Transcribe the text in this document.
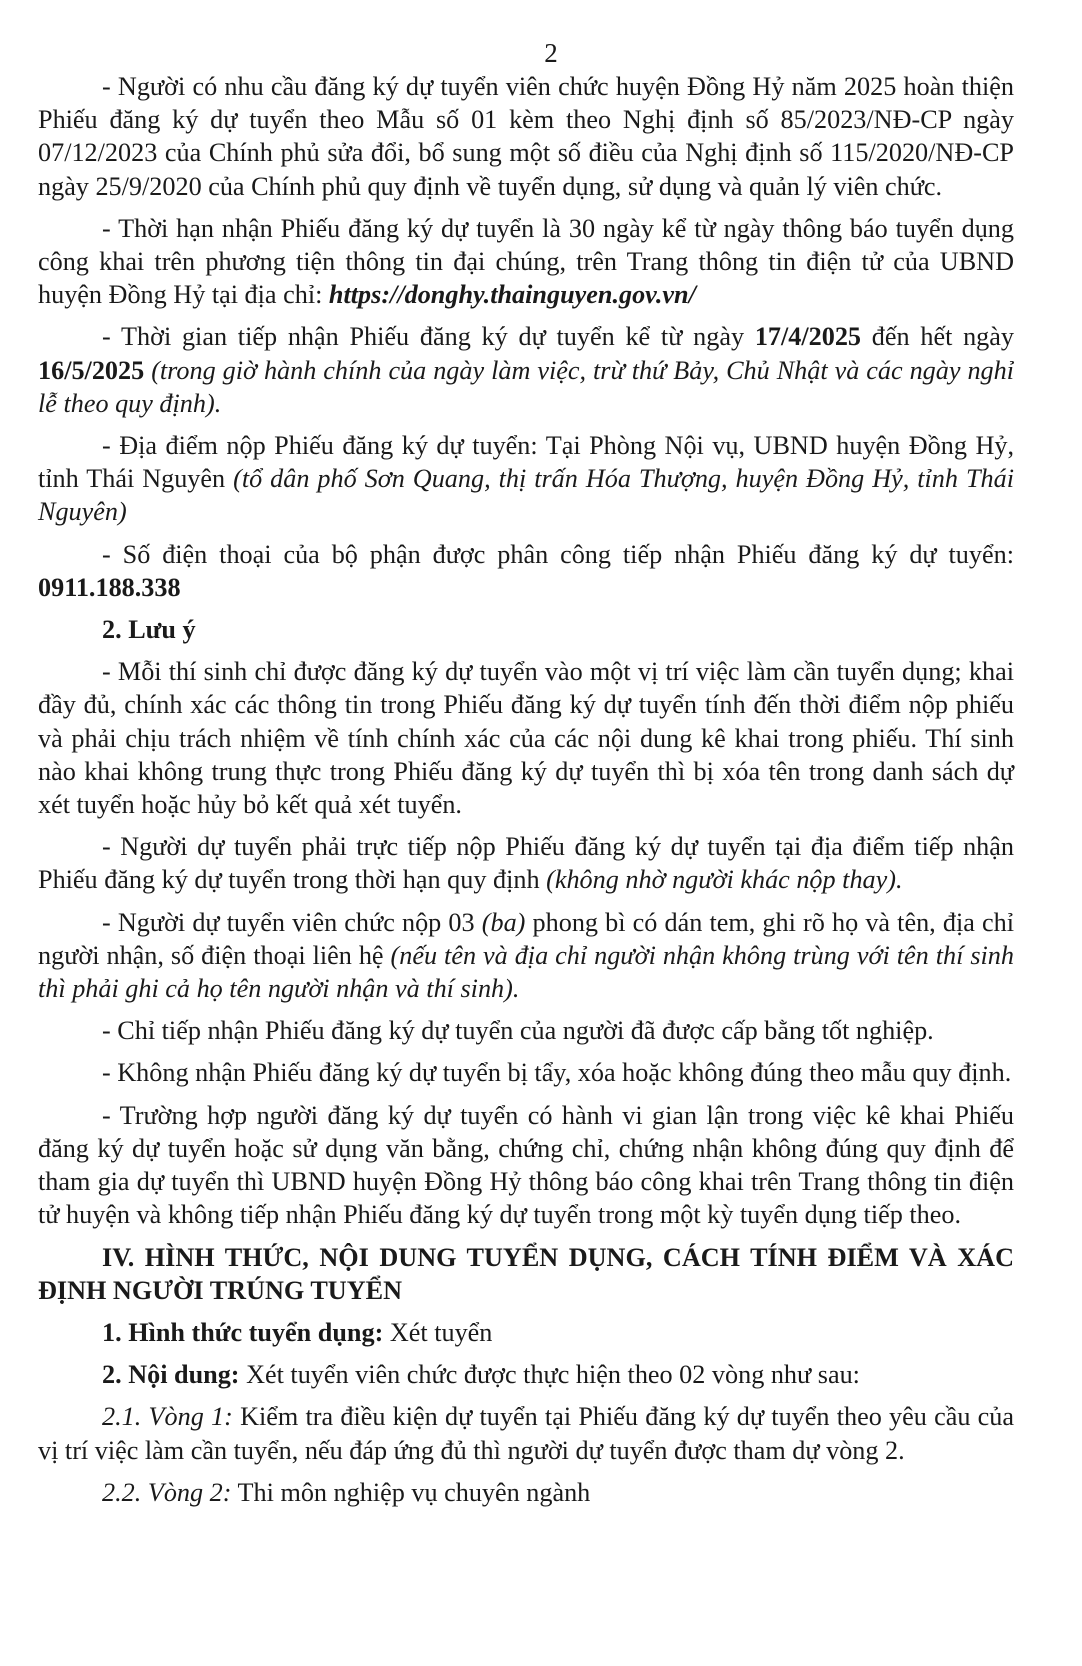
2

- Người có nhu cầu đăng ký dự tuyển viên chức huyện Đồng Hỷ năm 2025 hoàn thiện Phiếu đăng ký dự tuyển theo Mẫu số 01 kèm theo Nghị định số 85/2023/NĐ-CP ngày 07/12/2023 của Chính phủ sửa đổi, bổ sung một số điều của Nghị định số 115/2020/NĐ-CP ngày 25/9/2020 của Chính phủ quy định về tuyển dụng, sử dụng và quản lý viên chức.

- Thời hạn nhận Phiếu đăng ký dự tuyển là 30 ngày kể từ ngày thông báo tuyển dụng công khai trên phương tiện thông tin đại chúng, trên Trang thông tin điện tử của UBND huyện Đồng Hỷ tại địa chỉ: https://donghy.thainguyen.gov.vn/

- Thời gian tiếp nhận Phiếu đăng ký dự tuyển kể từ ngày 17/4/2025 đến hết ngày 16/5/2025 (trong giờ hành chính của ngày làm việc, trừ thứ Bảy, Chủ Nhật và các ngày nghỉ lễ theo quy định).

- Địa điểm nộp Phiếu đăng ký dự tuyển: Tại Phòng Nội vụ, UBND huyện Đồng Hỷ, tỉnh Thái Nguyên (tổ dân phố Sơn Quang, thị trấn Hóa Thượng, huyện Đồng Hỷ, tỉnh Thái Nguyên)

- Số điện thoại của bộ phận được phân công tiếp nhận Phiếu đăng ký dự tuyển: 0911.188.338

2. Lưu ý

- Mỗi thí sinh chỉ được đăng ký dự tuyển vào một vị trí việc làm cần tuyển dụng; khai đầy đủ, chính xác các thông tin trong Phiếu đăng ký dự tuyển tính đến thời điểm nộp phiếu và phải chịu trách nhiệm về tính chính xác của các nội dung kê khai trong phiếu. Thí sinh nào khai không trung thực trong Phiếu đăng ký dự tuyển thì bị xóa tên trong danh sách dự xét tuyển hoặc hủy bỏ kết quả xét tuyển.

- Người dự tuyển phải trực tiếp nộp Phiếu đăng ký dự tuyển tại địa điểm tiếp nhận Phiếu đăng ký dự tuyển trong thời hạn quy định (không nhờ người khác nộp thay).

- Người dự tuyển viên chức nộp 03 (ba) phong bì có dán tem, ghi rõ họ và tên, địa chỉ người nhận, số điện thoại liên hệ (nếu tên và địa chỉ người nhận không trùng với tên thí sinh thì phải ghi cả họ tên người nhận và thí sinh).

- Chỉ tiếp nhận Phiếu đăng ký dự tuyển của người đã được cấp bằng tốt nghiệp.

- Không nhận Phiếu đăng ký dự tuyển bị tẩy, xóa hoặc không đúng theo mẫu quy định.

- Trường hợp người đăng ký dự tuyển có hành vi gian lận trong việc kê khai Phiếu đăng ký dự tuyển hoặc sử dụng văn bằng, chứng chỉ, chứng nhận không đúng quy định để tham gia dự tuyển thì UBND huyện Đồng Hỷ thông báo công khai trên Trang thông tin điện tử huyện và không tiếp nhận Phiếu đăng ký dự tuyển trong một kỳ tuyển dụng tiếp theo.

IV. HÌNH THỨC, NỘI DUNG TUYỂN DỤNG, CÁCH TÍNH ĐIỂM VÀ XÁC ĐỊNH NGƯỜI TRÚNG TUYỂN

1. Hình thức tuyển dụng: Xét tuyển

2. Nội dung: Xét tuyển viên chức được thực hiện theo 02 vòng như sau:

2.1. Vòng 1: Kiểm tra điều kiện dự tuyển tại Phiếu đăng ký dự tuyển theo yêu cầu của vị trí việc làm cần tuyển, nếu đáp ứng đủ thì người dự tuyển được tham dự vòng 2.

2.2. Vòng 2: Thi môn nghiệp vụ chuyên ngành
